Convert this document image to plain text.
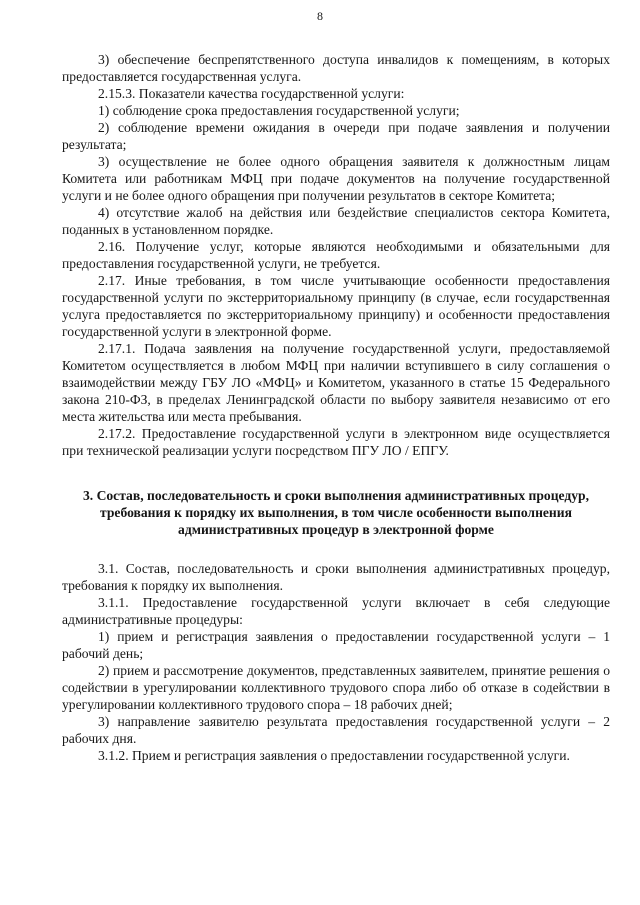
8

3) обеспечение беспрепятственного доступа инвалидов к помещениям, в которых предоставляется государственная услуга.

2.15.3. Показатели качества государственной услуги:

1) соблюдение срока предоставления государственной услуги;

2) соблюдение времени ожидания в очереди при подаче заявления и получении результата;

3) осуществление не более одного обращения заявителя к должностным лицам Комитета или работникам МФЦ при подаче документов на получение государственной услуги и не более одного обращения при получении результатов в секторе Комитета;

4) отсутствие жалоб на действия или бездействие специалистов сектора Комитета, поданных в установленном порядке.

2.16. Получение услуг, которые являются необходимыми и обязательными для предоставления государственной услуги, не требуется.

2.17. Иные требования, в том числе учитывающие особенности предоставления государственной услуги по экстерриториальному принципу (в случае, если государственная услуга предоставляется по экстерриториальному принципу) и особенности предоставления государственной услуги в электронной форме.

2.17.1. Подача заявления на получение государственной услуги, предоставляемой Комитетом осуществляется в любом МФЦ при наличии вступившего в силу соглашения о взаимодействии между ГБУ ЛО «МФЦ» и Комитетом, указанного в статье 15 Федерального закона 210-ФЗ, в пределах Ленинградской области по выбору заявителя независимо от его места жительства или места пребывания.

2.17.2. Предоставление государственной услуги в электронном виде осуществляется при технической реализации услуги посредством ПГУ ЛО / ЕПГУ.

3. Состав, последовательность и сроки выполнения административных процедур, требования к порядку их выполнения, в том числе особенности выполнения административных процедур в электронной форме

3.1. Состав, последовательность и сроки выполнения административных процедур, требования к порядку их выполнения.

3.1.1. Предоставление государственной услуги включает в себя следующие административные процедуры:

1) прием и регистрация заявления о предоставлении государственной услуги – 1 рабочий день;

2) прием и рассмотрение документов, представленных заявителем, принятие решения о содействии в урегулировании коллективного трудового спора либо об отказе в содействии в урегулировании коллективного трудового спора – 18 рабочих дней;

3) направление заявителю результата предоставления государственной услуги – 2 рабочих дня.

3.1.2. Прием и регистрация заявления о предоставлении государственной услуги.
